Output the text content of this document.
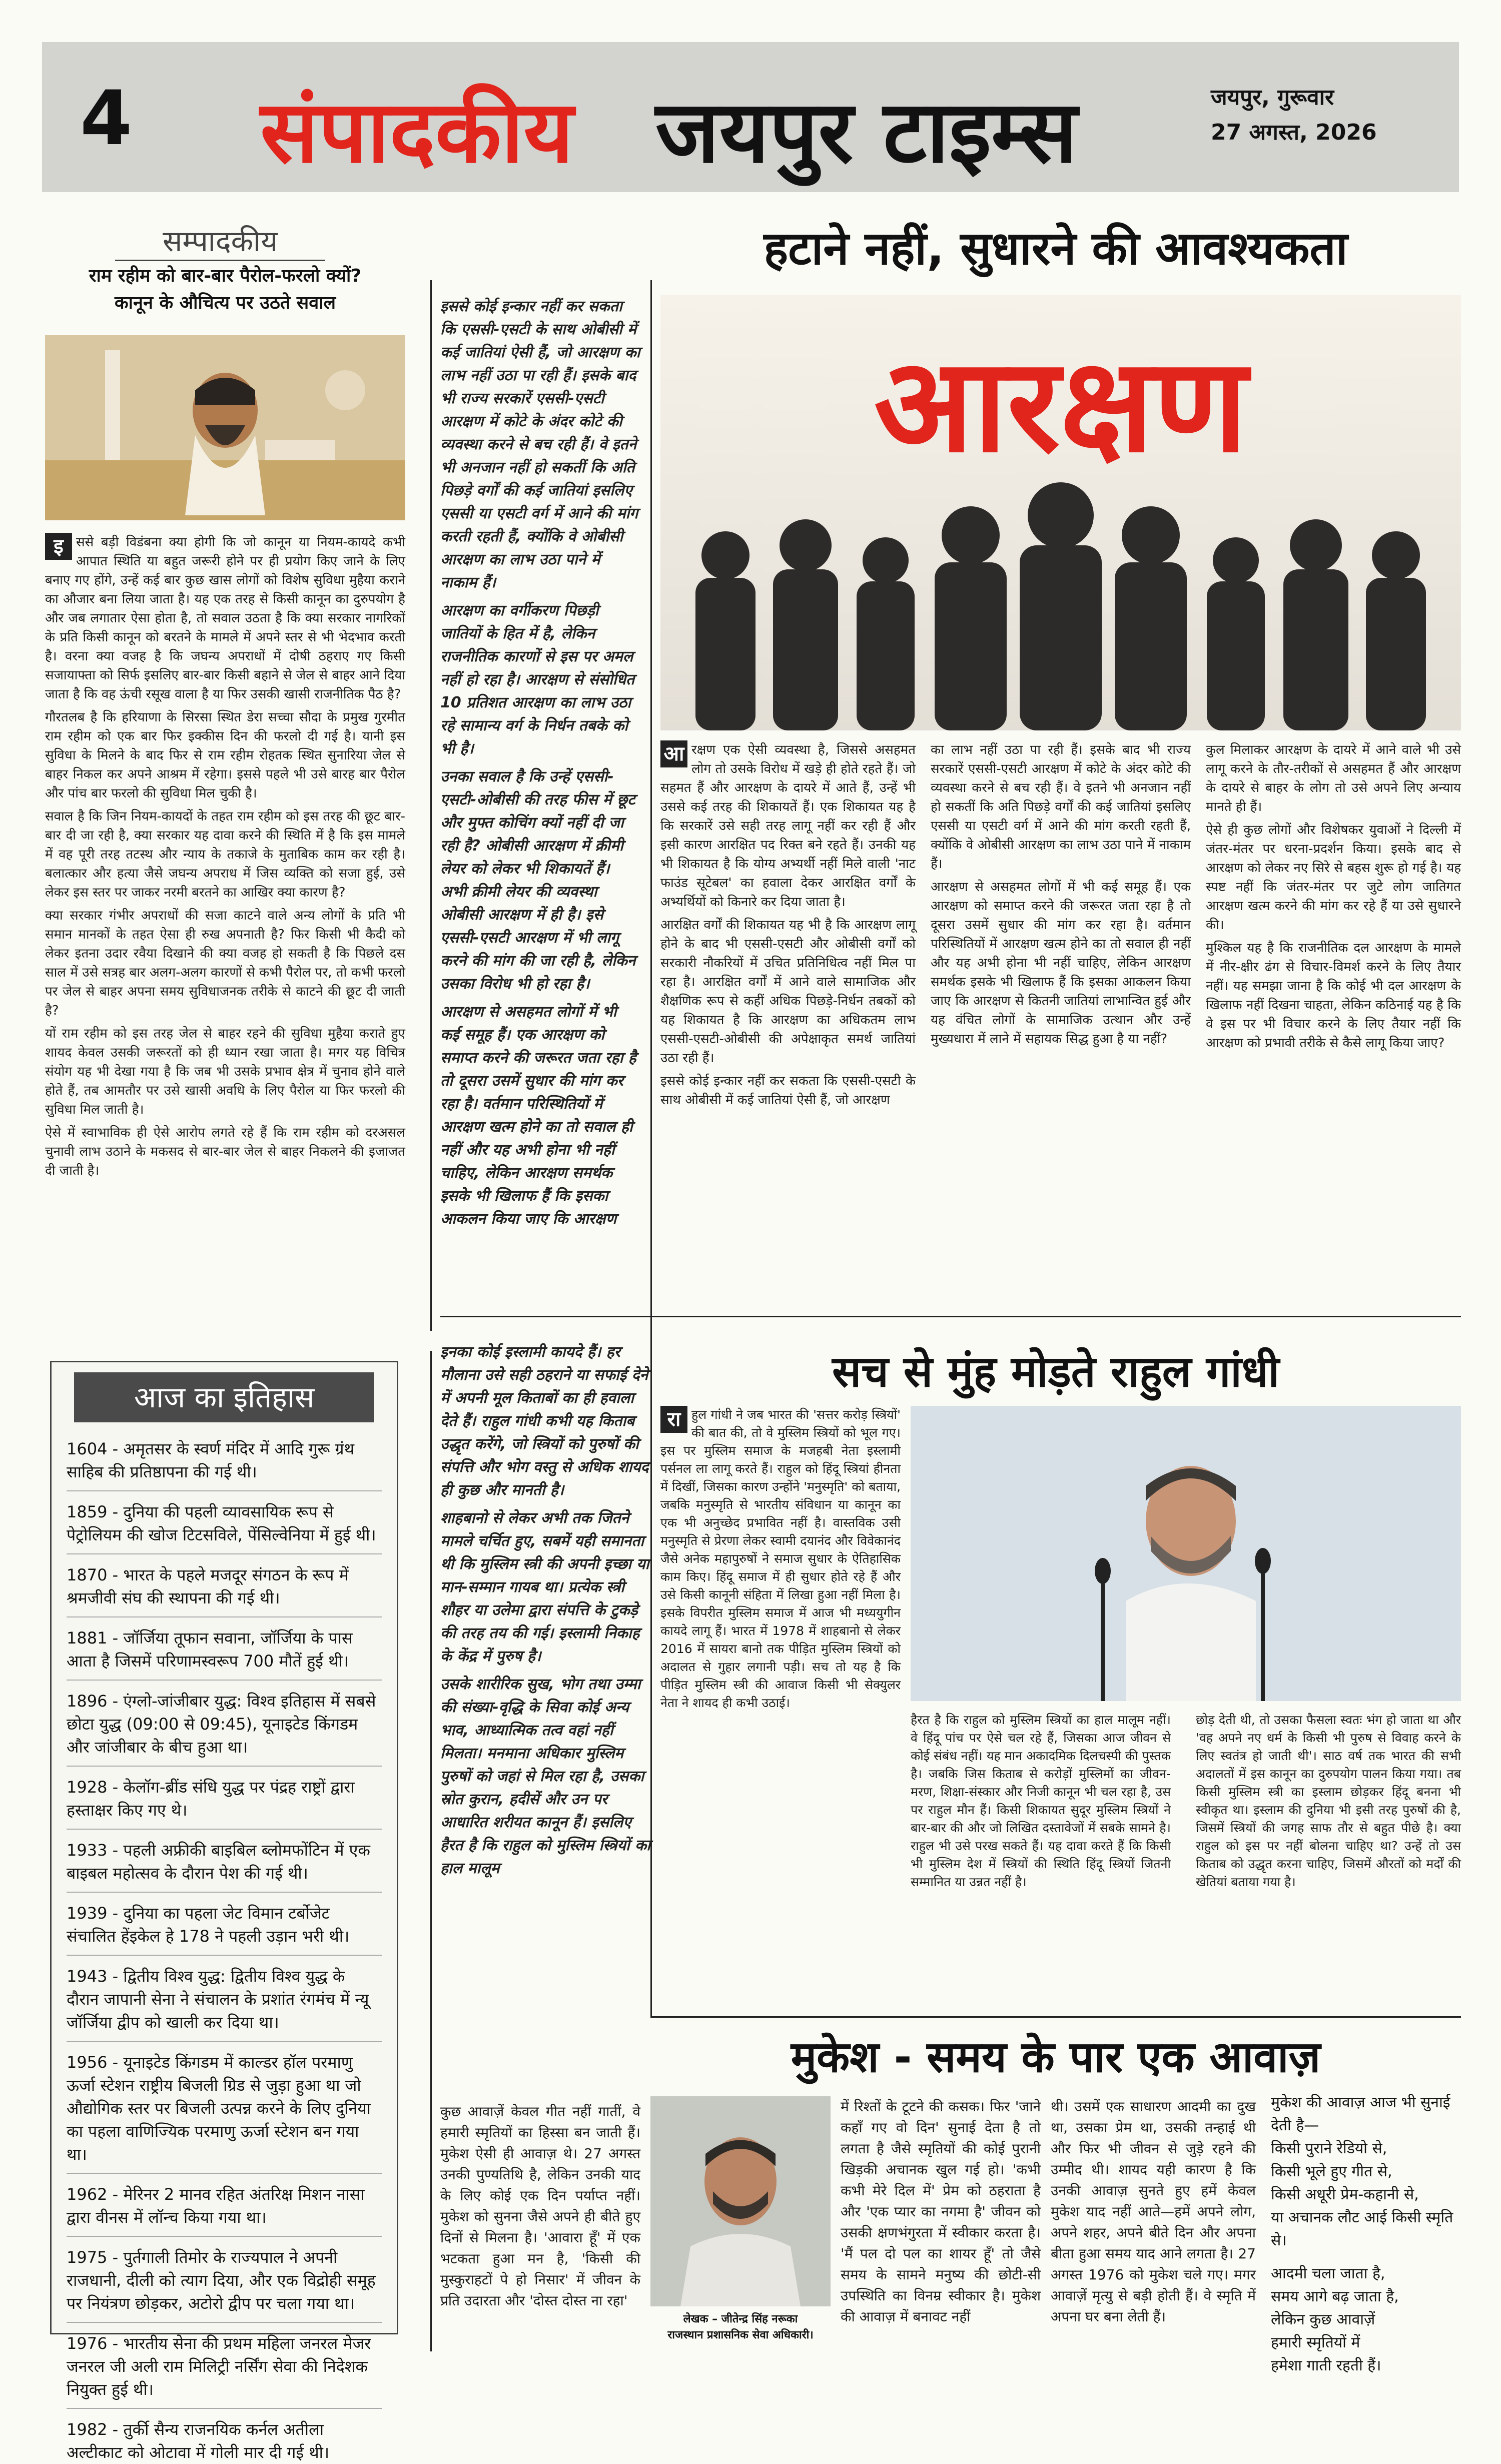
4 संपादकीय जयपुर टाइम्स	जयपुर, गुरूवार
27 अगस्त, 2026
सम्पादकीय
राम रहीम को बार-बार पैरोल-फरलो क्यों?
कानून के औचित्य पर उठते सवाल
इ ससे बड़ी विडंबना क्या होगी कि जो कानून या नियम-कायदे कभी आपात स्थिति या बहुत जरूरी होने पर ही प्रयोग किए जाने के लिए बनाए गए होंगे, उन्हें कई बार कुछ खास लोगों को विशेष सुविधा मुहैया कराने का औजार बना लिया जाता है। यह एक तरह से किसी कानून का दुरुपयोग है और जब लगातार ऐसा होता है, तो सवाल उठता है कि क्या सरकार नागरिकों के प्रति किसी कानून को बरतने के मामले में अपने स्तर से भी भेदभाव करती है। वरना क्या वजह है कि जघन्य अपराधों में दोषी ठहराए गए किसी सजायाफ्ता को सिर्फ इसलिए बार-बार किसी बहाने से जेल से बाहर आने दिया जाता है कि वह ऊंची रसूख वाला है या फिर उसकी खासी राजनीतिक पैठ है?

गौरतलब है कि हरियाणा के सिरसा स्थित डेरा सच्चा सौदा के प्रमुख गुरमीत राम रहीम को एक बार फिर इक्कीस दिन की फरलो दी गई है। यानी इस सुविधा के मिलने के बाद फिर से राम रहीम रोहतक स्थित सुनारिया जेल से बाहर निकल कर अपने आश्रम में रहेगा। इससे पहले भी उसे बारह बार पैरोल और पांच बार फरलो की सुविधा मिल चुकी है।

सवाल है कि जिन नियम-कायदों के तहत राम रहीम को इस तरह की छूट बार-बार दी जा रही है, क्या सरकार यह दावा करने की स्थिति में है कि इस मामले में वह पूरी तरह तटस्थ और न्याय के तकाजे के मुताबिक काम कर रही है। बलात्कार और हत्या जैसे जघन्य अपराध में जिस व्यक्ति को सजा हुई, उसे लेकर इस स्तर पर जाकर नरमी बरतने का आखिर क्या कारण है?

क्या सरकार गंभीर अपराधों की सजा काटने वाले अन्य लोगों के प्रति भी समान मानकों के तहत ऐसा ही रुख अपनाती है? फिर किसी भी कैदी को लेकर इतना उदार रवैया दिखाने की क्या वजह हो सकती है कि पिछले दस साल में उसे सत्रह बार अलग-अलग कारणों से कभी पैरोल पर, तो कभी फरलो पर जेल से बाहर अपना समय सुविधाजनक तरीके से काटने की छूट दी जाती है?

यों राम रहीम को इस तरह जेल से बाहर रहने की सुविधा मुहैया कराते हुए शायद केवल उसकी जरूरतों को ही ध्यान रखा जाता है। मगर यह विचित्र संयोग यह भी देखा गया है कि जब भी उसके प्रभाव क्षेत्र में चुनाव होने वाले होते हैं, तब आमतौर पर उसे खासी अवधि के लिए पैरोल या फिर फरलो की सुविधा मिल जाती है।

ऐसे में स्वाभाविक ही ऐसे आरोप लगते रहे हैं कि राम रहीम को दरअसल चुनावी लाभ उठाने के मकसद से बार-बार जेल से बाहर निकलने की इजाजत दी जाती है।

आज का इतिहास
1604 - अमृतसर के स्वर्ण मंदिर में आदि गुरू ग्रंथ साहिब की प्रतिष्ठापना की गई थी।
1859 - दुनिया की पहली व्यावसायिक रूप से पेट्रोलियम की खोज टिटसविले, पेंसिल्वेनिया में हुई थी।
1870 - भारत के पहले मजदूर संगठन के रूप में श्रमजीवी संघ की स्थापना की गई थी।
1881 - जॉर्जिया तूफान सवाना, जॉर्जिया के पास आता है जिसमें परिणामस्वरूप 700 मौतें हुई थी।
1896 - एंग्लो-जांजीबार युद्ध: विश्व इतिहास में सबसे छोटा युद्ध (09:00 से 09:45), यूनाइटेड किंगडम और जांजीबार के बीच हुआ था।
1928 - केलॉग-ब्रींड संधि युद्ध पर पंद्रह राष्ट्रों द्वारा हस्ताक्षर किए गए थे।
1933 - पहली अफ्रीकी बाइबिल ब्लोमफोंटिन में एक बाइबल महोत्सव के दौरान पेश की गई थी।
1939 - दुनिया का पहला जेट विमान टर्बोजेट संचालित हेंइकेल हे 178 ने पहली उड़ान भरी थी।
1943 - द्वितीय विश्व युद्ध: द्वितीय विश्व युद्ध के दौरान जापानी सेना ने संचालन के प्रशांत रंगमंच में न्यू जॉर्जिया द्वीप को खाली कर दिया था।
1956 - यूनाइटेड किंगडम में काल्डर हॉल परमाणु ऊर्जा स्टेशन राष्ट्रीय बिजली ग्रिड से जुड़ा हुआ था जो औद्योगिक स्तर पर बिजली उत्पन्न करने के लिए दुनिया का पहला वाणिज्यिक परमाणु ऊर्जा स्टेशन बन गया था।
1962 - मेरिनर 2 मानव रहित अंतरिक्ष मिशन नासा द्वारा वीनस में लॉन्च किया गया था।
1975 - पुर्तगाली तिमोर के राज्यपाल ने अपनी राजधानी, दीली को त्याग दिया, और एक विद्रोही समूह पर नियंत्रण छोड़कर, अटोरो द्वीप पर चला गया था।
1976 - भारतीय सेना की प्रथम महिला जनरल मेजर जनरल जी अली राम मिलिट्री नर्सिंग सेवा की निदेशक नियुक्त हुई थी।
1982 - तुर्की सैन्य राजनयिक कर्नल अतीला अल्टीकाट को ओटावा में गोली मार दी गई थी।

इससे कोई इन्कार नहीं कर सकता कि एससी-एसटी के साथ ओबीसी में कई जातियां ऐसी हैं, जो आरक्षण का लाभ नहीं उठा पा रही हैं। इसके बाद भी राज्य सरकारें एससी-एसटी आरक्षण में कोटे के अंदर कोटे की व्यवस्था करने से बच रही हैं। वे इतने भी अनजान नहीं हो सकतीं कि अति पिछड़े वर्गों की कई जातियां इसलिए एससी या एसटी वर्ग में आने की मांग करती रहती हैं, क्योंकि वे ओबीसी आरक्षण का लाभ उठा पाने में नाकाम हैं।

आरक्षण का वर्गीकरण पिछड़ी जातियों के हित में है, लेकिन राजनीतिक कारणों से इस पर अमल नहीं हो रहा है। आरक्षण से संसोधित 10 प्रतिशत आरक्षण का लाभ उठा रहे सामान्य वर्ग के निर्धन तबके को भी है।

उनका सवाल है कि उन्हें एससी-एसटी-ओबीसी की तरह फीस में छूट और मुफ्त कोचिंग क्यों नहीं दी जा रही है? ओबीसी आरक्षण में क्रीमी लेयर को लेकर भी शिकायतें हैं। अभी क्रीमी लेयर की व्यवस्था ओबीसी आरक्षण में ही है। इसे एससी-एसटी आरक्षण में भी लागू करने की मांग की जा रही है, लेकिन उसका विरोध भी हो रहा है।

आरक्षण से असहमत लोगों में भी कई समूह हैं। एक आरक्षण को समाप्त करने की जरूरत जता रहा है तो दूसरा उसमें सुधार की मांग कर रहा है। वर्तमान परिस्थितियों में आरक्षण खत्म होने का तो सवाल ही नहीं और यह अभी होना भी नहीं चाहिए, लेकिन आरक्षण समर्थक इसके भी खिलाफ हैं कि इसका आकलन किया जाए कि आरक्षण

हटाने नहीं, सुधारने की आवश्यकता
आरक्षण
आ रक्षण एक ऐसी व्यवस्था है, जिससे असहमत लोग तो उसके विरोध में खड़े ही होते रहते हैं। जो सहमत हैं और आरक्षण के दायरे में आते हैं, उन्हें भी उससे कई तरह की शिकायतें हैं। एक शिकायत यह है कि सरकारें उसे सही तरह लागू नहीं कर रही हैं और इसी कारण आरक्षित पद रिक्त बने रहते हैं। उनकी यह भी शिकायत है कि योग्य अभ्यर्थी नहीं मिले वाली 'नाट फाउंड सूटेबल' का हवाला देकर आरक्षित वर्गों के अभ्यर्थियों को किनारे कर दिया जाता है।

आरक्षित वर्गों की शिकायत यह भी है कि आरक्षण लागू होने के बाद भी एससी-एसटी और ओबीसी वर्गों को सरकारी नौकरियों में उचित प्रतिनिधित्व नहीं मिल पा रहा है। आरक्षित वर्गों में आने वाले सामाजिक और शैक्षणिक रूप से कहीं अधिक पिछड़े-निर्धन तबकों को यह शिकायत है कि आरक्षण का अधिकतम लाभ एससी-एसटी-ओबीसी की अपेक्षाकृत समर्थ जातियां उठा रही हैं।

इससे कोई इन्कार नहीं कर सकता कि एससी-एसटी के साथ ओबीसी में कई जातियां ऐसी हैं, जो आरक्षण

का लाभ नहीं उठा पा रही हैं। इसके बाद भी राज्य सरकारें एससी-एसटी आरक्षण में कोटे के अंदर कोटे की व्यवस्था करने से बच रही हैं। वे इतने भी अनजान नहीं हो सकतीं कि अति पिछड़े वर्गों की कई जातियां इसलिए एससी या एसटी वर्ग में आने की मांग करती रहती हैं, क्योंकि वे ओबीसी आरक्षण का लाभ उठा पाने में नाकाम हैं।

आरक्षण से असहमत लोगों में भी कई समूह हैं। एक आरक्षण को समाप्त करने की जरूरत जता रहा है तो दूसरा उसमें सुधार की मांग कर रहा है। वर्तमान परिस्थितियों में आरक्षण खत्म होने का तो सवाल ही नहीं और यह अभी होना भी नहीं चाहिए, लेकिन आरक्षण समर्थक इसके भी खिलाफ हैं कि इसका आकलन किया जाए कि आरक्षण से कितनी जातियां लाभान्वित हुई और यह वंचित लोगों के सामाजिक उत्थान और उन्हें मुख्यधारा में लाने में सहायक सिद्ध हुआ है या नहीं?

कुल मिलाकर आरक्षण के दायरे में आने वाले भी उसे लागू करने के तौर-तरीकों से असहमत हैं और आरक्षण के दायरे से बाहर के लोग तो उसे अपने लिए अन्याय मानते ही हैं।

ऐसे ही कुछ लोगों और विशेषकर युवाओं ने दिल्ली में जंतर-मंतर पर धरना-प्रदर्शन किया। इसके बाद से आरक्षण को लेकर नए सिरे से बहस शुरू हो गई है। यह स्पष्ट नहीं कि जंतर-मंतर पर जुटे लोग जातिगत आरक्षण खत्म करने की मांग कर रहे हैं या उसे सुधारने की।

मुश्किल यह है कि राजनीतिक दल आरक्षण के मामले में नीर-क्षीर ढंग से विचार-विमर्श करने के लिए तैयार नहीं। यह समझा जाना है कि कोई भी दल आरक्षण के खिलाफ नहीं दिखना चाहता, लेकिन कठिनाई यह है कि वे इस पर भी विचार करने के लिए तैयार नहीं कि आरक्षण को प्रभावी तरीके से कैसे लागू किया जाए?

इनका कोई इस्लामी कायदे हैं। हर मौलाना उसे सही ठहराने या सफाई देने में अपनी मूल किताबों का ही हवाला देते हैं। राहुल गांधी कभी यह किताब उद्धृत करेंगे, जो स्त्रियों को पुरुषों की संपत्ति और भोग वस्तु से अधिक शायद ही कुछ और मानती है।

शाहबानो से लेकर अभी तक जितने मामले चर्चित हुए, सबमें यही समानता थी कि मुस्लिम स्त्री की अपनी इच्छा या मान-सम्मान गायब था। प्रत्येक स्त्री शौहर या उलेमा द्वारा संपत्ति के टुकड़े की तरह तय की गई। इस्लामी निकाह के केंद्र में पुरुष है।

उसके शारीरिक सुख, भोग तथा उम्मा की संख्या-वृद्धि के सिवा कोई अन्य भाव, आध्यात्मिक तत्व वहां नहीं मिलता। मनमाना अधिकार मुस्लिम पुरुषों को जहां से मिल रहा है, उसका स्रोत कुरान, हदीसें और उन पर आधारित शरीयत कानून हैं। इसलिए हैरत है कि राहुल को मुस्लिम स्त्रियों का हाल मालूम

सच से मुंह मोड़ते राहुल गांधी
रा हुल गांधी ने जब भारत की 'सत्तर करोड़ स्त्रियों' की बात की, तो वे मुस्लिम स्त्रियों को भूल गए। इस पर मुस्लिम समाज के मजहबी नेता इस्लामी पर्सनल ला लागू करते हैं। राहुल को हिंदू स्त्रियां हीनता में दिखीं, जिसका कारण उन्होंने 'मनुस्मृति' को बताया, जबकि मनुस्मृति से भारतीय संविधान या कानून का एक भी अनुच्छेद प्रभावित नहीं है। वास्तविक उसी मनुस्मृति से प्रेरणा लेकर स्वामी दयानंद और विवेकानंद जैसे अनेक महापुरुषों ने समाज सुधार के ऐतिहासिक काम किए। हिंदू समाज में ही सुधार होते रहे हैं और उसे किसी कानूनी संहिता में लिखा हुआ नहीं मिला है। इसके विपरीत मुस्लिम समाज में आज भी मध्ययुगीन कायदे लागू हैं। भारत में 1978 में शाहबानो से लेकर 2016 में सायरा बानो तक पीड़ित मुस्लिम स्त्रियों को अदालत से गुहार लगानी पड़ी। सच तो यह है कि पीड़ित मुस्लिम स्त्री की आवाज किसी भी सेक्युलर नेता ने शायद ही कभी उठाई।
हैरत है कि राहुल को मुस्लिम स्त्रियों का हाल मालूम नहीं। वे हिंदू पांच पर ऐसे चल रहे हैं, जिसका आज जीवन से कोई संबंध नहीं। यह मान अकादमिक दिलचस्पी की पुस्तक है। जबकि जिस किताब से करोड़ों मुस्लिमों का जीवन-मरण, शिक्षा-संस्कार और निजी कानून भी चल रहा है, उस पर राहुल मौन हैं। किसी शिकायत सुदूर मुस्लिम स्त्रियों ने बार-बार की और जो लिखित दस्तावेजों में सबके सामने है। राहुल भी उसे परख सकते हैं। यह दावा करते हैं कि किसी भी मुस्लिम देश में स्त्रियों की स्थिति हिंदू स्त्रियों जितनी सम्मानित या उन्नत नहीं है।
छोड़ देती थी, तो उसका फैसला स्वतः भंग हो जाता था और 'वह अपने नए धर्म के किसी भी पुरुष से विवाह करने के लिए स्वतंत्र हो जाती थी'। साठ वर्ष तक भारत की सभी अदालतों में इस कानून का दुरुपयोग पालन किया गया। तब किसी मुस्लिम स्त्री का इस्लाम छोड़कर हिंदू बनना भी स्वीकृत था। इस्लाम की दुनिया भी इसी तरह पुरुषों की है, जिसमें स्त्रियों की जगह साफ तौर से बहुत पीछे है। क्या राहुल को इस पर नहीं बोलना चाहिए था? उन्हें तो उस किताब को उद्धृत करना चाहिए, जिसमें औरतों को मर्दों की खेतियां बताया गया है।
मुकेश - समय के पार एक आवाज़
कुछ आवाज़ें केवल गीत नहीं गातीं, वे हमारी स्मृतियों का हिस्सा बन जाती हैं। मुकेश ऐसी ही आवाज़ थे। 27 अगस्त उनकी पुण्यतिथि है, लेकिन उनकी याद के लिए कोई एक दिन पर्याप्त नहीं। मुकेश को सुनना जैसे अपने ही बीते हुए दिनों से मिलना है। 'आवारा हूँ' में एक भटकता हुआ मन है, 'किसी की मुस्कुराहटों पे हो निसार' में जीवन के प्रति उदारता और 'दोस्त दोस्त ना रहा'
लेखक – जीतेन्द्र सिंह नरूका
राजस्थान प्रशासनिक सेवा अधिकारी।
में रिश्तों के टूटने की कसक। फिर 'जाने कहाँ गए वो दिन' सुनाई देता है तो लगता है जैसे स्मृतियों की कोई पुरानी खिड़की अचानक खुल गई हो। 'कभी कभी मेरे दिल में' प्रेम को ठहराता है और 'एक प्यार का नगमा है' जीवन को उसकी क्षणभंगुरता में स्वीकार करता है। 'मैं पल दो पल का शायर हूँ' तो जैसे समय के सामने मनुष्य की छोटी-सी उपस्थिति का विनम्र स्वीकार है। मुकेश की आवाज़ में बनावट नहीं
थी। उसमें एक साधारण आदमी का दुख था, उसका प्रेम था, उसकी तन्हाई थी और फिर भी जीवन से जुड़े रहने की उम्मीद थी। शायद यही कारण है कि उनकी आवाज़ सुनते हुए हमें केवल मुकेश याद नहीं आते—हमें अपने लोग, अपने शहर, अपने बीते दिन और अपना बीता हुआ समय याद आने लगता है। 27 अगस्त 1976 को मुकेश चले गए। मगर आवाज़ें मृत्यु से बड़ी होती हैं। वे स्मृति में अपना घर बना लेती हैं।
मुकेश की आवाज़ आज भी सुनाई देती है—
किसी पुराने रेडियो से,
किसी भूले हुए गीत से,
किसी अधूरी प्रेम-कहानी से,
या अचानक लौट आई किसी स्मृति से।
आदमी चला जाता है,
समय आगे बढ़ जाता है,
लेकिन कुछ आवाज़ें
हमारी स्मृतियों में
हमेशा गाती रहती हैं।
